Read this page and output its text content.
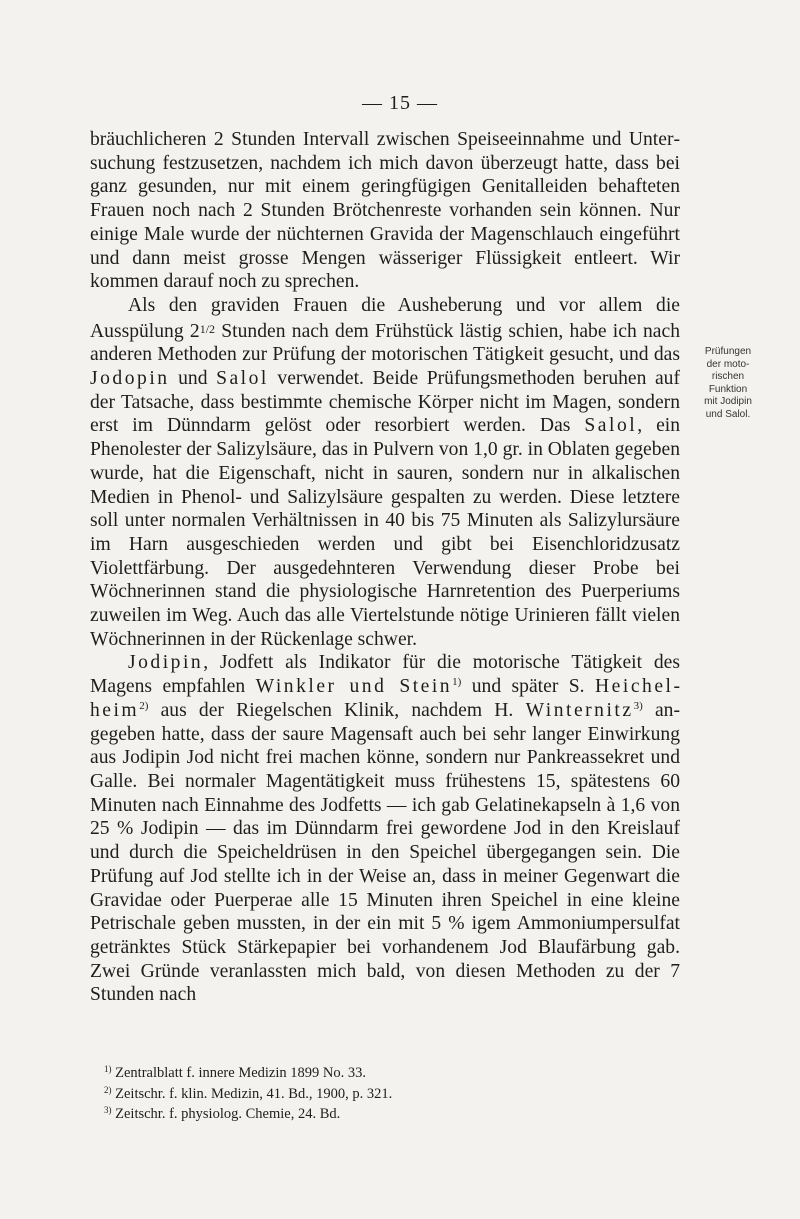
— 15 —

bräuchlicheren 2 Stunden Intervall zwischen Speiseeinnahme und Untersuchung festzusetzen, nachdem ich mich davon überzeugt hatte, dass bei ganz gesunden, nur mit einem geringfügigen Genitalleiden behafteten Frauen noch nach 2 Stunden Brötchenreste vorhanden sein können. Nur einige Male wurde der nüchternen Gravida der Magenschlauch eingeführt und dann meist grosse Mengen wässeriger Flüssigkeit entleert. Wir kommen darauf noch zu sprechen.

Als den graviden Frauen die Ausheberung und vor allem die Ausspülung $2^{1/2}$ Stunden nach dem Frühstück lästig schien, habe ich nach anderen Methoden zur Prüfung der motorischen Tätigkeit gesucht, und das Jodopin und Salol verwendet. Beide Prüfungsmethoden beruhen auf der Tatsache, dass bestimmte chemische Körper nicht im Magen, sondern erst im Dünndarm gelöst oder resorbiert werden. Das Salol, ein Phenolester der Salizylsäure, das in Pulvern von 1,0 gr. in Oblaten gegeben wurde, hat die Eigenschaft, nicht in sauren, sondern nur in alkalischen Medien in Phenol- und Salizylsäure gespalten zu werden. Diese letztere soll unter normalen Verhältnissen in 40 bis 75 Minuten als Salizylursäure im Harn ausgeschieden werden und gibt bei Eisenchloridzusatz Violettfärbung. Der ausgedehnteren Verwendung dieser Probe bei Wöchnerinnen stand die physiologische Harnretention des Puerperiums zuweilen im Weg. Auch das alle Viertelstunde nötige Urinieren fällt vielen Wöchnerinnen in der Rückenlage schwer.

Jodipin, Jodfett als Indikator für die motorische Tätigkeit des Magens empfahlen Winkler und Stein$^{1)}$ und später S. Heichelheim$^{2)}$ aus der Riegelschen Klinik, nachdem H. Winternitz$^{3)}$ angegeben hatte, dass der saure Magensaft auch bei sehr langer Einwirkung aus Jodipin Jod nicht frei machen könne, sondern nur Pankreassekret und Galle. Bei normaler Magentätigkeit muss frühestens 15, spätestens 60 Minuten nach Einnahme des Jodfetts — ich gab Gelatinekapseln à 1,6 von 25 % Jodipin — das im Dünndarm frei gewordene Jod in den Kreislauf und durch die Speicheldrüsen in den Speichel übergegangen sein. Die Prüfung auf Jod stellte ich in der Weise an, dass in meiner Gegenwart die Gravidae oder Puerperae alle 15 Minuten ihren Speichel in eine kleine Petrischale geben mussten, in der ein mit 5 % igem Ammoniumpersulfat getränktes Stück Stärkepapier bei vorhandenem Jod Blaufärbung gab. Zwei Gründe veranlassten mich bald, von diesen Methoden zu der 7 Stunden nach

Prüfungen
der moto-
rischen
Funktion
mit Jodipin
und Salol.
$^{1)}$ Zentralblatt f. innere Medizin 1899 No. 33.
$^{2)}$ Zeitschr. f. klin. Medizin, 41. Bd., 1900, p. 321.
$^{3)}$ Zeitschr. f. physiolog. Chemie, 24. Bd.
